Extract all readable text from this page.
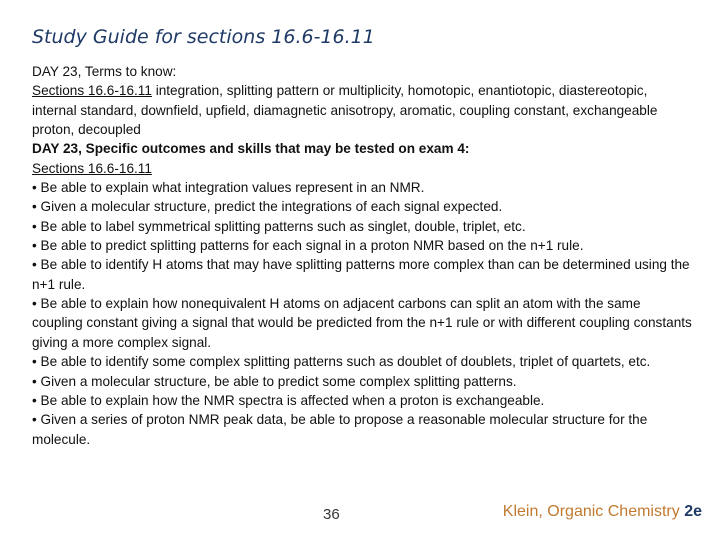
Study Guide for sections 16.6-16.11

DAY 23, Terms to know:

Sections 16.6-16.11 integration, splitting pattern or multiplicity, homotopic, enantiotopic, diastereotopic, internal standard, downfield, upfield, diamagnetic anisotropy, aromatic, coupling constant, exchangeable proton, decoupled

DAY 23, Specific outcomes and skills that may be tested on exam 4:

Sections 16.6-16.11

• Be able to explain what integration values represent in an NMR.
• Given a molecular structure, predict the integrations of each signal expected.
• Be able to label symmetrical splitting patterns such as singlet, double, triplet, etc.
• Be able to predict splitting patterns for each signal in a proton NMR based on the n+1 rule.
• Be able to identify H atoms that may have splitting patterns more complex than can be determined using the n+1 rule.
• Be able to explain how nonequivalent H atoms on adjacent carbons can split an atom with the same coupling constant giving a signal that would be predicted from the n+1 rule or with different coupling constants giving a more complex signal.
• Be able to identify some complex splitting patterns such as doublet of doublets, triplet of quartets, etc.
• Given a molecular structure, be able to predict some complex splitting patterns.
• Be able to explain how the NMR spectra is affected when a proton is exchangeable.
• Given a series of proton NMR peak data, be able to propose a reasonable molecular structure for the molecule.
36	Klein, Organic Chemistry 2e
